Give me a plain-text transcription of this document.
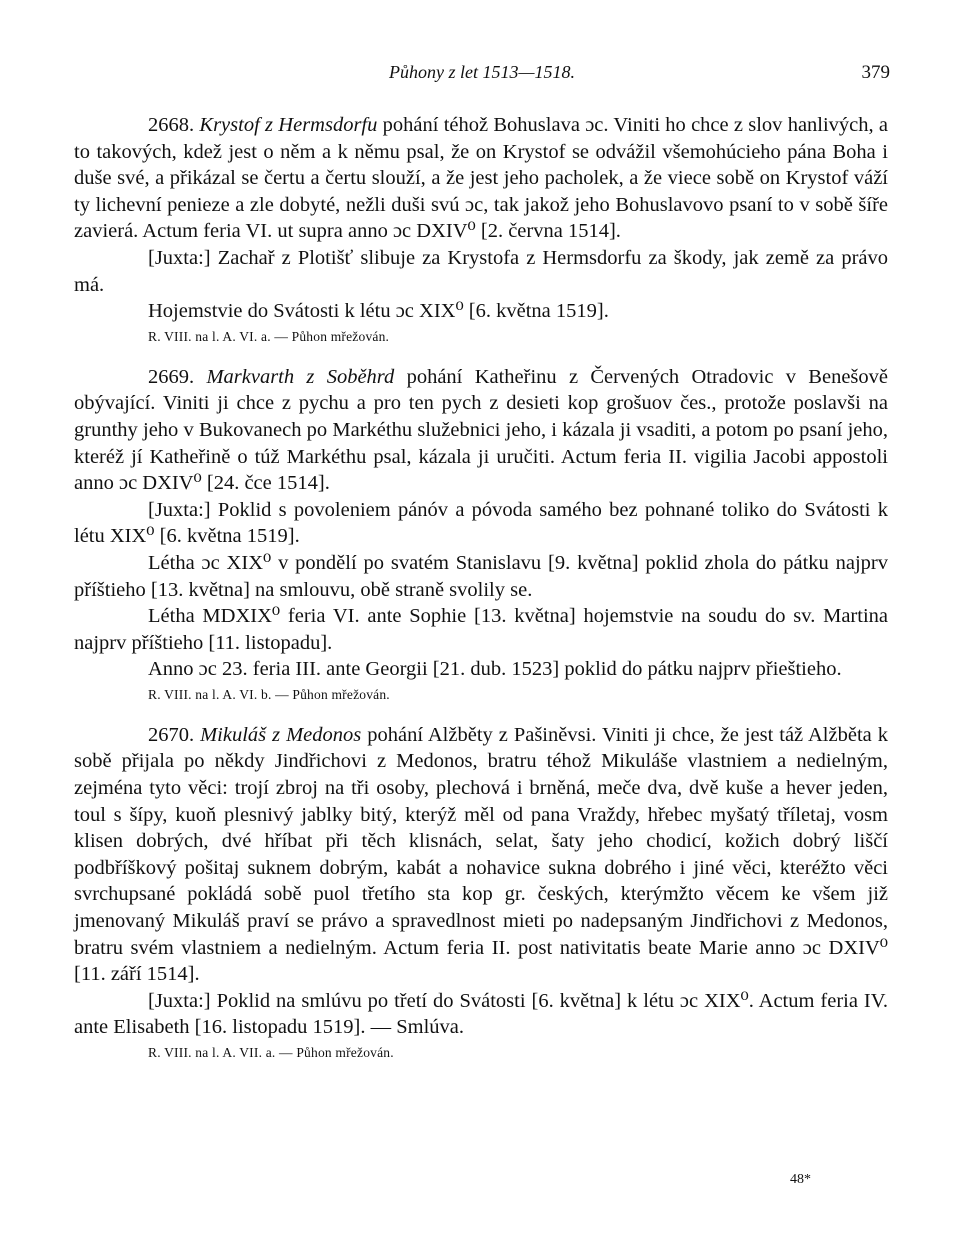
Půhony z let 1513—1518.	379

2668. Krystof z Hermsdorfu pohání téhož Bohuslava ɔc. Viniti ho chce z slov hanlivých, a to takových, kdež jest o něm a k němu psal, že on Krystof se odvážil všemohúcieho pána Boha i duše své, a přikázal se čertu a čertu slouží, a že jest jeho pacholek, a že viece sobě on Krystof váží ty lichevní penieze a zle dobyté, nežli duši svú ɔc, tak jakož jeho Bohuslavovo psaní to v sobě šíře zavierá. Actum feria VI. ut supra anno ɔc DXIV⁰ [2. června 1514].

[Juxta:] Zachař z Plotišť slibuje za Krystofa z Hermsdorfu za škody, jak země za právo má.

Hojemstvie do Svátosti k létu ɔc XIX⁰ [6. května 1519].

R. VIII. na l. A. VI. a. — Půhon mřežován.

2669. Markvarth z Soběhrd pohání Katheřinu z Červených Otradovic v Benešově obývající. Viniti ji chce z pychu a pro ten pych z desieti kop grošuov čes., protože poslavši na grunthy jeho v Bukovanech po Markéthu služebnici jeho, i kázala ji vsaditi, a potom po psaní jeho, kteréž jí Katheřině o túž Markéthu psal, kázala ji uručiti. Actum feria II. vigilia Jacobi appostoli anno ɔc DXIV⁰ [24. čce 1514].

[Juxta:] Poklid s povoleniem pánóv a póvoda samého bez pohnané toliko do Svátosti k létu XIX⁰ [6. května 1519].

Létha ɔc XIX⁰ v pondělí po svatém Stanislavu [9. května] poklid zhola do pátku najprv příštieho [13. května] na smlouvu, obě straně svolily se.

Létha MDXIX⁰ feria VI. ante Sophie [13. května] hojemstvie na soudu do sv. Martina najprv příštieho [11. listopadu].

Anno ɔc 23. feria III. ante Georgii [21. dub. 1523] poklid do pátku najprv přieštieho.

R. VIII. na l. A. VI. b. — Půhon mřežován.

2670. Mikuláš z Medonos pohání Alžběty z Pašiněvsi. Viniti ji chce, že jest táž Alžběta k sobě přijala po někdy Jindřichovi z Medonos, bratru téhož Mikuláše vlastniem a nedielným, zejména tyto věci: trojí zbroj na tři osoby, plechová i brněná, meče dva, dvě kuše a hever jeden, toul s šípy, kuoň plesnivý jablky bitý, kterýž měl od pana Vraždy, hřebec myšatý tříletaj, vosm klisen dobrých, dvé hříbat při těch klisnách, selat, šaty jeho chodicí, kožich dobrý liščí podbříškový pošitaj suknem dobrým, kabát a nohavice sukna dobrého i jiné věci, kteréžto věci svrchupsané pokládá sobě puol třetího sta kop gr. českých, kterýmžto věcem ke všem již jmenovaný Mikuláš praví se právo a spravedlnost mieti po nadepsaným Jindřichovi z Medonos, bratru svém vlastniem a nedielným. Actum feria II. post nativitatis beate Marie anno ɔc DXIV⁰ [11. září 1514].

[Juxta:] Poklid na smlúvu po třetí do Svátosti [6. května] k létu ɔc XIX⁰. Actum feria IV. ante Elisabeth [16. listopadu 1519]. — Smlúva.

R. VIII. na l. A. VII. a. — Půhon mřežován.

48*
